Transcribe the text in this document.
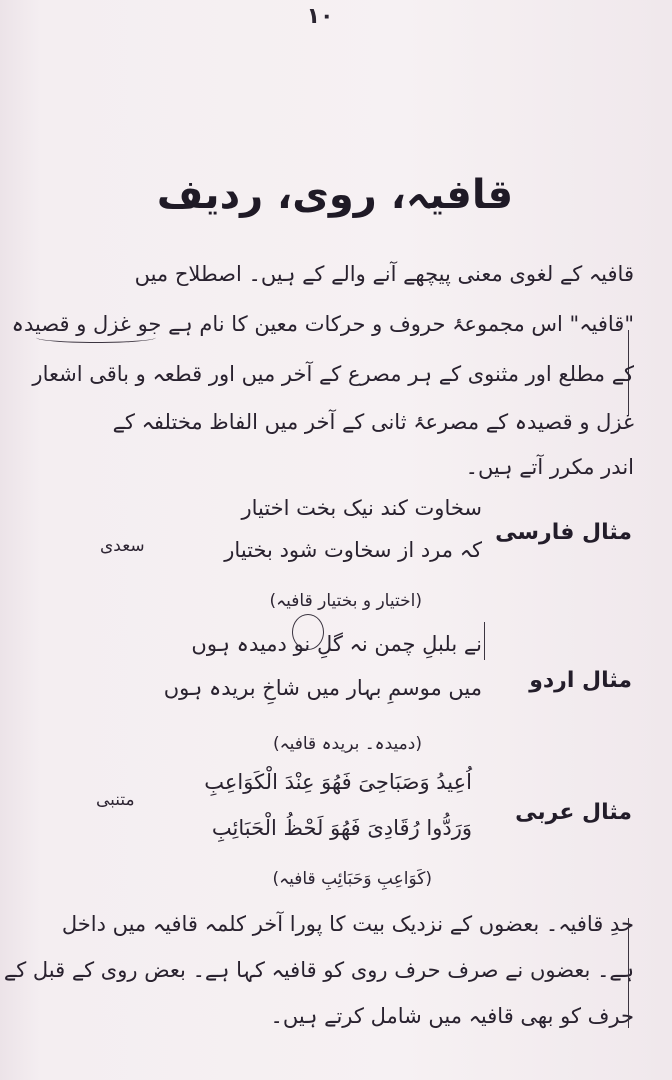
١٠
قافیہ، روی، ردیف
قافیہ کے لغوی معنی پیچھے آنے والے کے ہیں۔ اصطلاح میں
"قافیہ" اس مجموعۂ حروف و حرکات معین کا نام ہے جو غزل و قصیدہ
کے مطلع اور مثنوی کے ہر مصرع کے آخر میں اور قطعہ و باقی اشعار
غزل و قصیدہ کے مصرعۂ ثانی کے آخر میں الفاظ مختلفہ کے
اندر مکرر آتے ہیں۔
مثال فارسی
سخاوت کند نیک بخت اختیار
کہ مرد از سخاوت شود بختیار
سعدی
(اختیار و بختیار قافیہ)
مثال اردو
نے بلبلِ چمن نہ گلِ نو دمیدہ ہوں
میں موسمِ بہار میں شاخِ بریدہ ہوں
(دمیدہ۔ بریدہ قافیہ)
مثال عربی
اُعِیدُ وَصَبَاحِیَ فَهُوَ عِنْدَ الْكَوَاعِبِ
وَرَدُّوا رُقَادِیَ فَهُوَ لَحْظُ الْحَبَائِبِ
متنبی
(كَوَاعِبِ وَحَبَائِبِ قافیہ)
حدِ قافیہ۔ بعضوں کے نزدیک بیت کا پورا آخر کلمہ قافیہ میں داخل
ہے۔ بعضوں نے صرف حرف روی کو قافیہ کہا ہے۔ بعض روی کے قبل کے
حرف کو بھی قافیہ میں شامل کرتے ہیں۔
